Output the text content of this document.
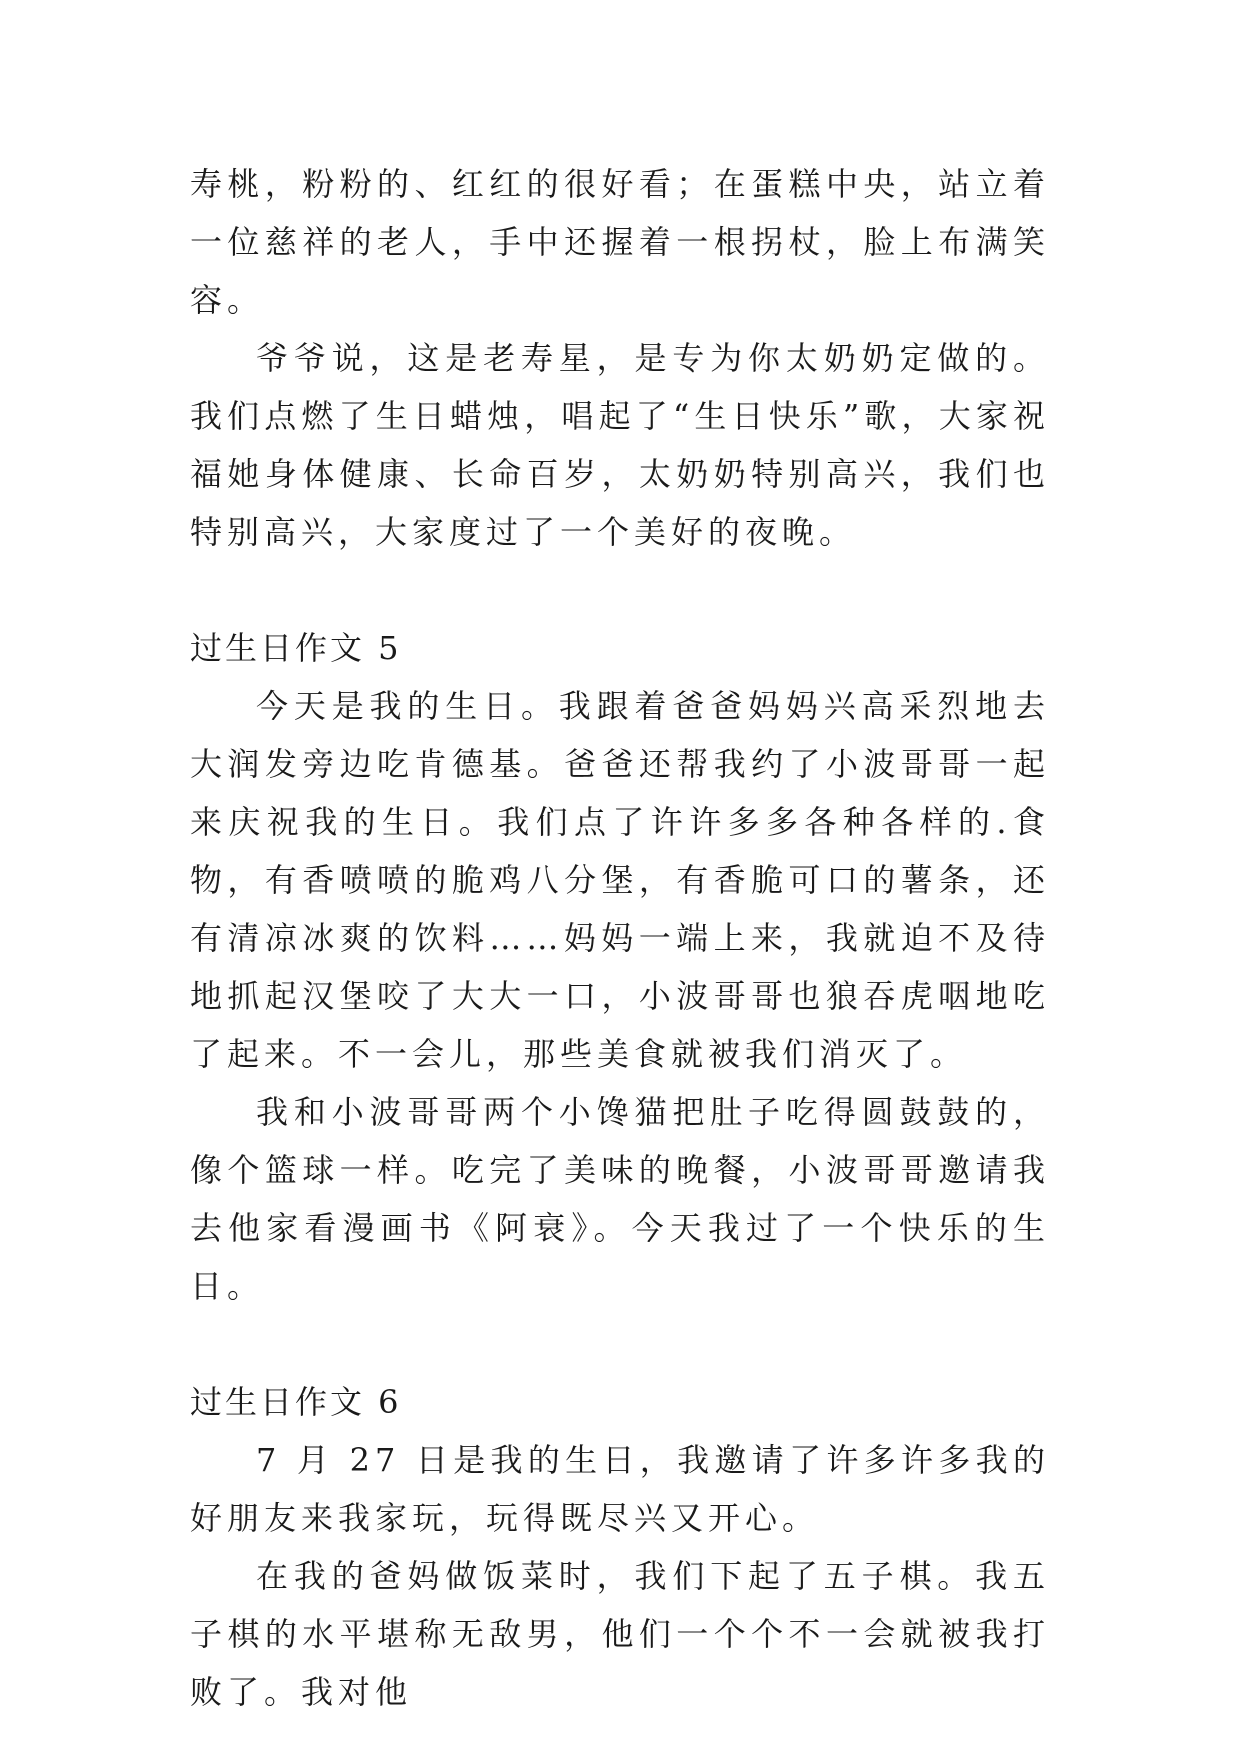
寿桃，粉粉的、红红的很好看；在蛋糕中央，站立着一位慈祥的老人，手中还握着一根拐杖，脸上布满笑容。

爷爷说，这是老寿星，是专为你太奶奶定做的。我们点燃了生日蜡烛，唱起了“生日快乐”歌，大家祝福她身体健康、长命百岁，太奶奶特别高兴，我们也特别高兴，大家度过了一个美好的夜晚。

过生日作文 5

今天是我的生日。我跟着爸爸妈妈兴高采烈地去大润发旁边吃肯德基。爸爸还帮我约了小波哥哥一起来庆祝我的生日。我们点了许许多多各种各样的.食物，有香喷喷的脆鸡八分堡，有香脆可口的薯条，还有清凉冰爽的饮料……妈妈一端上来，我就迫不及待地抓起汉堡咬了大大一口，小波哥哥也狼吞虎咽地吃了起来。不一会儿，那些美食就被我们消灭了。

我和小波哥哥两个小馋猫把肚子吃得圆鼓鼓的，像个篮球一样。吃完了美味的晚餐，小波哥哥邀请我去他家看漫画书《阿衰》。今天我过了一个快乐的生日。

过生日作文 6

7 月 27 日是我的生日，我邀请了许多许多我的好朋友来我家玩，玩得既尽兴又开心。

在我的爸妈做饭菜时，我们下起了五子棋。我五子棋的水平堪称无敌男，他们一个个不一会就被我打败了。我对他
